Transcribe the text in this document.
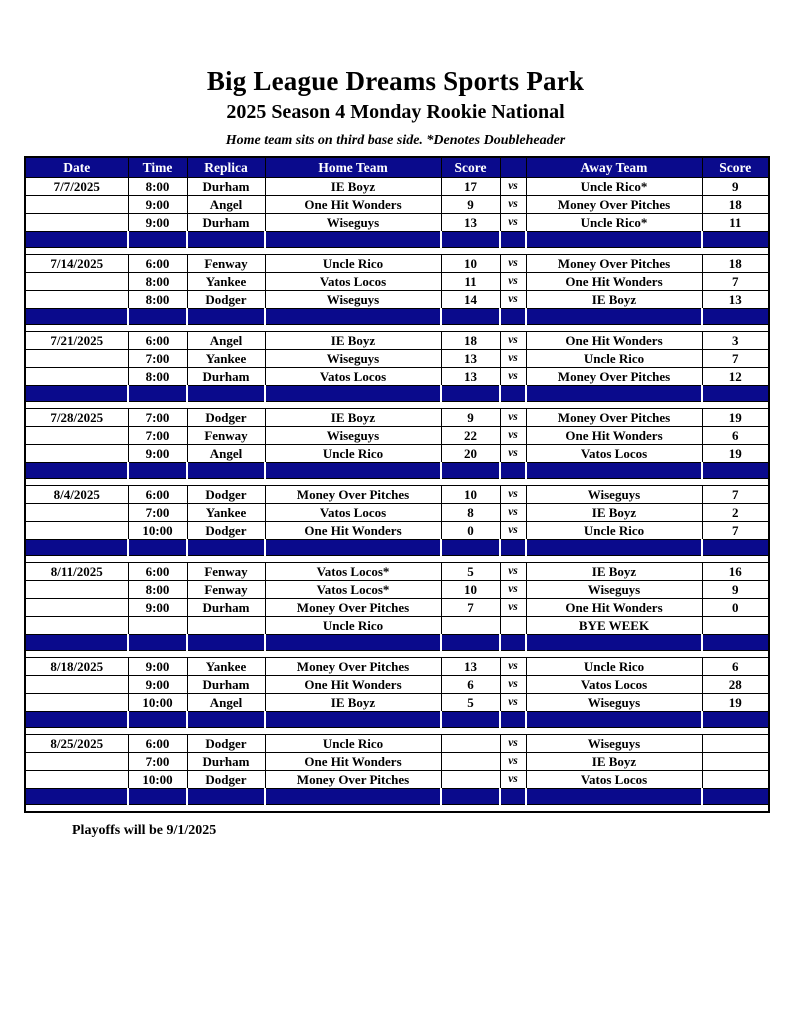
Big League Dreams Sports Park
2025 Season 4 Monday Rookie National
Home team sits on third base side. *Denotes Doubleheader
Date	Time	Replica	Home Team	Score		Away Team	Score
7/7/2025	8:00	Durham	IE Boyz	17	vs	Uncle Rico*	9
	9:00	Angel	One Hit Wonders	9	vs	Money Over Pitches	18
	9:00	Durham	Wiseguys	13	vs	Uncle Rico*	11

7/14/2025	6:00	Fenway	Uncle Rico	10	vs	Money Over Pitches	18
	8:00	Yankee	Vatos Locos	11	vs	One Hit Wonders	7
	8:00	Dodger	Wiseguys	14	vs	IE Boyz	13

7/21/2025	6:00	Angel	IE Boyz	18	vs	One Hit Wonders	3
	7:00	Yankee	Wiseguys	13	vs	Uncle Rico	7
	8:00	Durham	Vatos Locos	13	vs	Money Over Pitches	12

7/28/2025	7:00	Dodger	IE Boyz	9	vs	Money Over Pitches	19
	7:00	Fenway	Wiseguys	22	vs	One Hit Wonders	6
	9:00	Angel	Uncle Rico	20	vs	Vatos Locos	19

8/4/2025	6:00	Dodger	Money Over Pitches	10	vs	Wiseguys	7
	7:00	Yankee	Vatos Locos	8	vs	IE Boyz	2
	10:00	Dodger	One Hit Wonders	0	vs	Uncle Rico	7

8/11/2025	6:00	Fenway	Vatos Locos*	5	vs	IE Boyz	16
	8:00	Fenway	Vatos Locos*	10	vs	Wiseguys	9
	9:00	Durham	Money Over Pitches	7	vs	One Hit Wonders	0
			Uncle Rico			BYE WEEK	

8/18/2025	9:00	Yankee	Money Over Pitches	13	vs	Uncle Rico	6
	9:00	Durham	One Hit Wonders	6	vs	Vatos Locos	28
	10:00	Angel	IE Boyz	5	vs	Wiseguys	19

8/25/2025	6:00	Dodger	Uncle Rico		vs	Wiseguys	
	7:00	Durham	One Hit Wonders		vs	IE Boyz	
	10:00	Dodger	Money Over Pitches		vs	Vatos Locos	

Playoffs will be 9/1/2025
